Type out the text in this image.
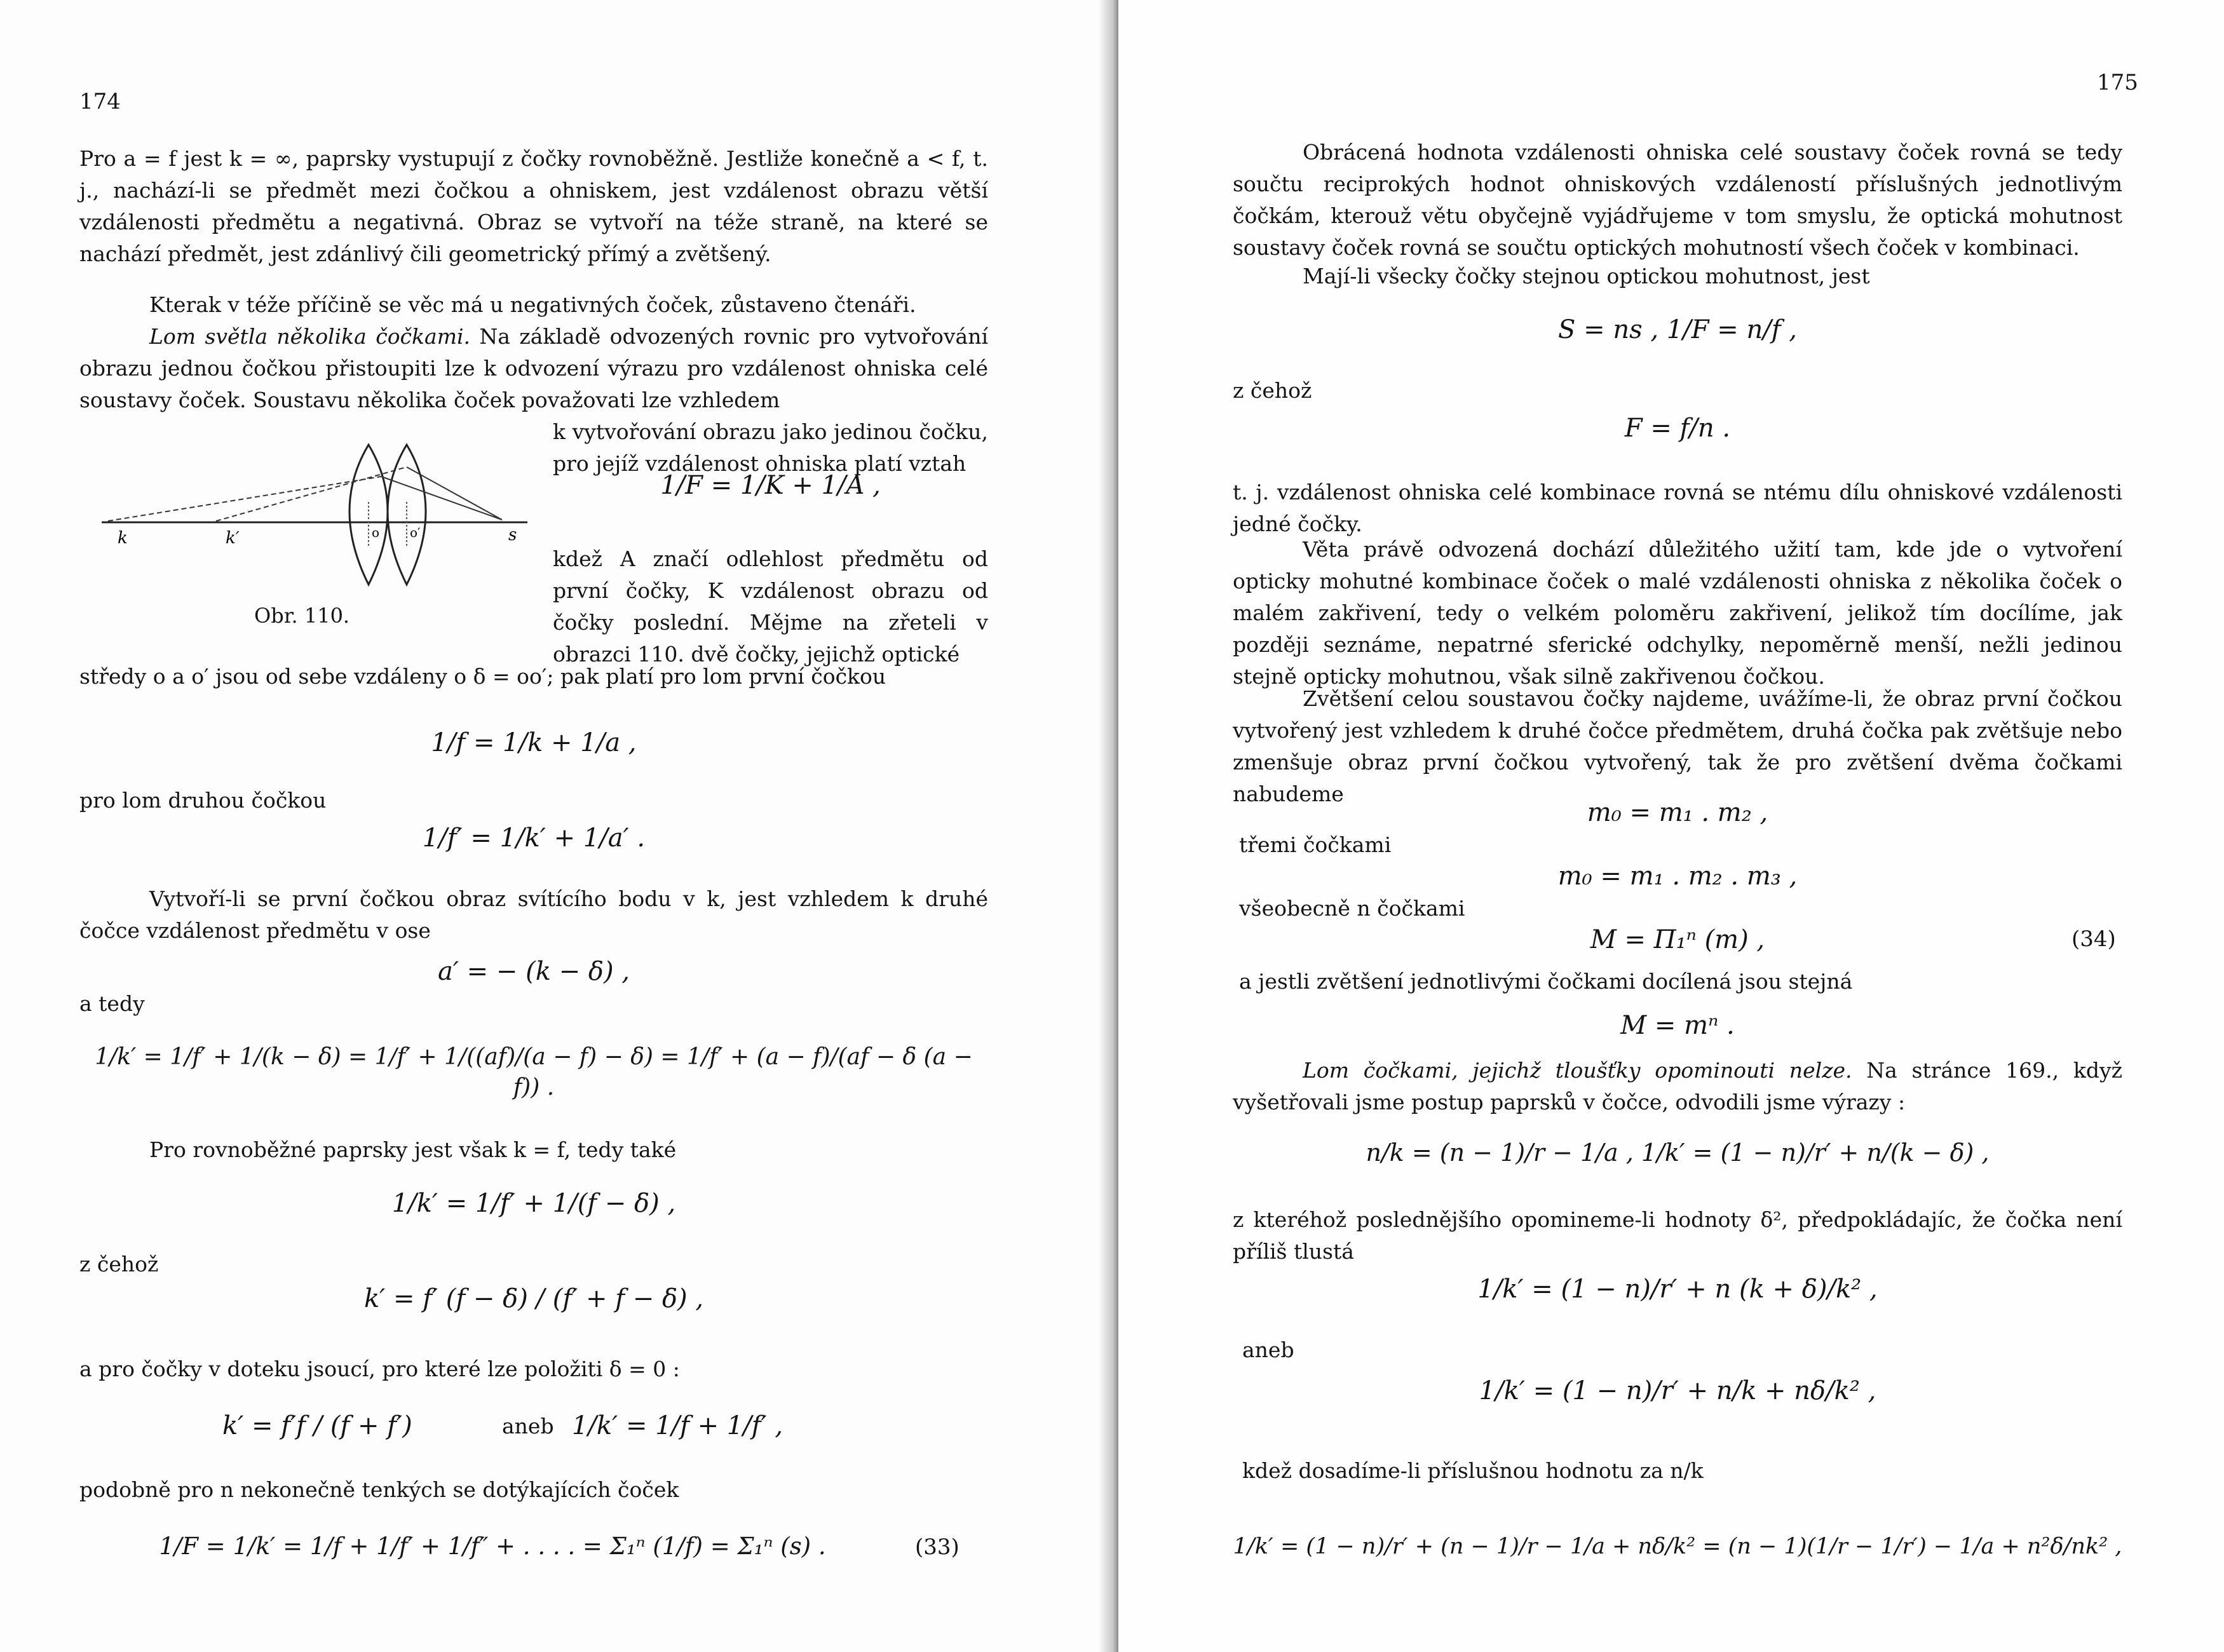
174

Pro a = f jest k = ∞, paprsky vystupují z čočky rovnoběžně. Jestliže konečně a < f, t. j., nachází-li se předmět mezi čočkou a ohniskem, jest vzdálenost obrazu větší vzdálenosti předmětu a negativná. Obraz se vytvoří na téže straně, na které se nachází předmět, jest zdánlivý čili geometrický přímý a zvětšený.

Kterak v téže příčině se věc má u negativných čoček, zůstaveno čtenáři.

Lom světla několika čočkami. Na základě odvozených rovnic pro vytvořování obrazu jednou čočkou přistoupiti lze k odvození výrazu pro vzdálenost ohniska celé soustavy čoček. Soustavu několika čoček považovati lze vzhledem

k vytvořování obrazu jako jedinou čočku, pro jejíž vzdálenost ohniska platí vztah

k	k′	o o′	s
Obr. 110.
1/F = 1/K + 1/A ,

kdež A značí odlehlost předmětu od první čočky, K vzdálenost obrazu od čočky poslední. Mějme na zřeteli v obrazci 110. dvě čočky, jejichž optické

středy o a o′ jsou od sebe vzdáleny o δ = oo′; pak platí pro lom první čočkou

1/f = 1/k + 1/a ,

pro lom druhou čočkou

1/f′ = 1/k′ + 1/a′ .

Vytvoří-li se první čočkou obraz svítícího bodu v k, jest vzhledem k druhé čočce vzdálenost předmětu v ose

a′ = − (k − δ) ,

a tedy

1/k′ = 1/f′ + 1/(k − δ) = 1/f′ + 1/((af)/(a − f) − δ) = 1/f′ + (a − f)/(af − δ (a − f)) .

Pro rovnoběžné paprsky jest však k = f, tedy také

1/k′ = 1/f′ + 1/(f − δ) ,

z čehož

k′ = f′ (f − δ) / (f′ + f − δ) ,

a pro čočky v doteku jsoucí, pro které lze položiti δ = 0 :

k′ = f′f / (f + f′)	aneb 1/k′ = 1/f + 1/f′ ,

podobně pro n nekonečně tenkých se dotýkajících čoček

1/F = 1/k′ = 1/f + 1/f′ + 1/f″ + . . . . = Σ₁ⁿ (1/f) = Σ₁ⁿ (s) .	(33)
175

Obrácená hodnota vzdálenosti ohniska celé soustavy čoček rovná se tedy součtu reciprokých hodnot ohniskových vzdáleností příslušných jednotlivým čočkám, kterouž větu obyčejně vyjádřujeme v tom smyslu, že optická mohutnost soustavy čoček rovná se součtu optických mohutností všech čoček v kombinaci.

Mají-li všecky čočky stejnou optickou mohutnost, jest

S = ns , 1/F = n/f ,

z čehož

F = f/n .

t. j. vzdálenost ohniska celé kombinace rovná se ntému dílu ohniskové vzdálenosti jedné čočky.

Věta právě odvozená dochází důležitého užití tam, kde jde o vytvoření opticky mohutné kombinace čoček o malé vzdálenosti ohniska z několika čoček o malém zakřivení, tedy o velkém poloměru zakřivení, jelikož tím docílíme, jak později seznáme, nepatrné sferické odchylky, nepoměrně menší, nežli jedinou stejně opticky mohutnou, však silně zakřivenou čočkou.

Zvětšení celou soustavou čočky najdeme, uvážíme-li, že obraz první čočkou vytvořený jest vzhledem k druhé čočce předmětem, druhá čočka pak zvětšuje nebo zmenšuje obraz první čočkou vytvořený, tak že pro zvětšení dvěma čočkami nabudeme

m₀ = m₁ . m₂ ,

třemi čočkami

m₀ = m₁ . m₂ . m₃ ,

všeobecně n čočkami

M = Π₁ⁿ (m) ,	(34)

a jestli zvětšení jednotlivými čočkami docílená jsou stejná

M = mⁿ .

Lom čočkami, jejichž tloušťky opominouti nelze. Na stránce 169., když vyšetřovali jsme postup paprsků v čočce, odvodili jsme výrazy :

n/k = (n − 1)/r − 1/a , 1/k′ = (1 − n)/r′ + n/(k − δ) ,

z kteréhož poslednějšího opomineme-li hodnoty δ², předpokládajíc, že čočka není příliš tlustá

1/k′ = (1 − n)/r′ + n (k + δ)/k² ,

aneb

1/k′ = (1 − n)/r′ + n/k + nδ/k² ,

kdež dosadíme-li příslušnou hodnotu za n/k

1/k′ = (1 − n)/r′ + (n − 1)/r − 1/a + nδ/k² = (n − 1)(1/r − 1/r′) − 1/a + n²δ/nk² ,
